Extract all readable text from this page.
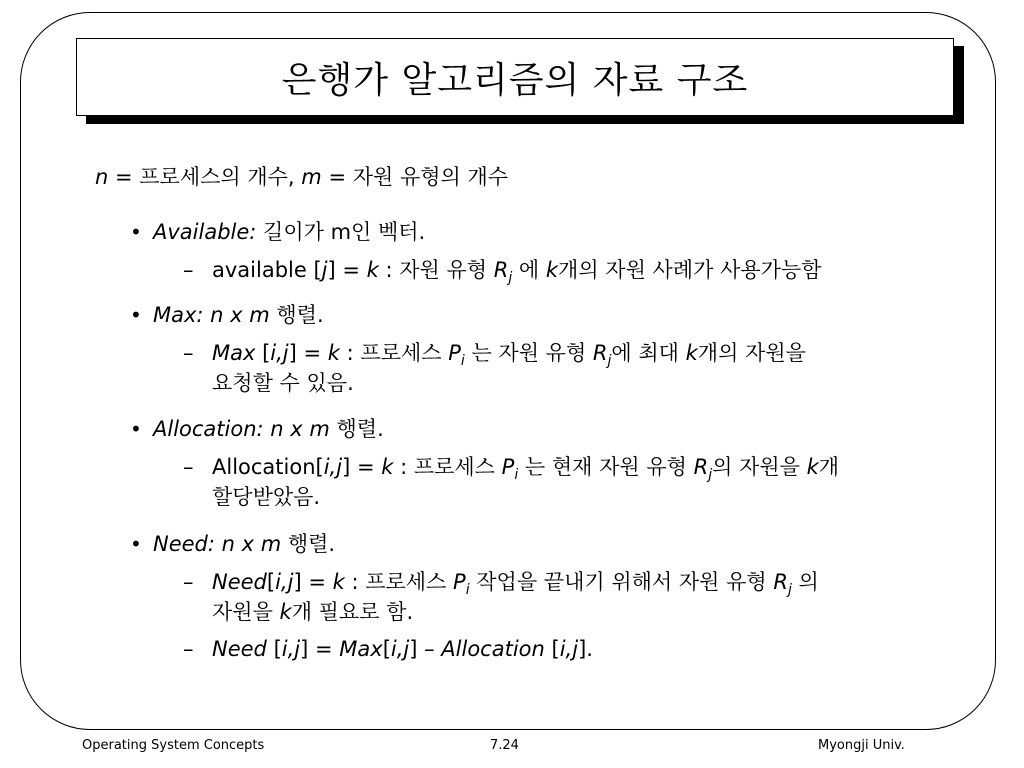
은행가 알고리즘의 자료 구조
n = 프로세스의 개수, m = 자원 유형의 개수
• Available: 길이가 m인 벡터.
– available [j] = k : 자원 유형 $R_j$ 에 k개의 자원 사례가 사용가능함
• Max: n x m 행렬.
– Max [i,j] = k : 프로세스 $P_i$ 는 자원 유형 $R_j$에 최대 k개의 자원을
요청할 수 있음.
• Allocation: n x m 행렬.
– Allocation[i,j] = k : 프로세스 $P_i$ 는 현재 자원 유형 $R_j$의 자원을 k개
할당받았음.
• Need: n x m 행렬.
– Need[i,j] = k : 프로세스 $P_i$ 작업을 끝내기 위해서 자원 유형 $R_j$ 의
자원을 k개 필요로 함.
– Need [i,j] = Max[i,j] – Allocation [i,j].
Operating System Concepts	7.24	Myongji Univ.
